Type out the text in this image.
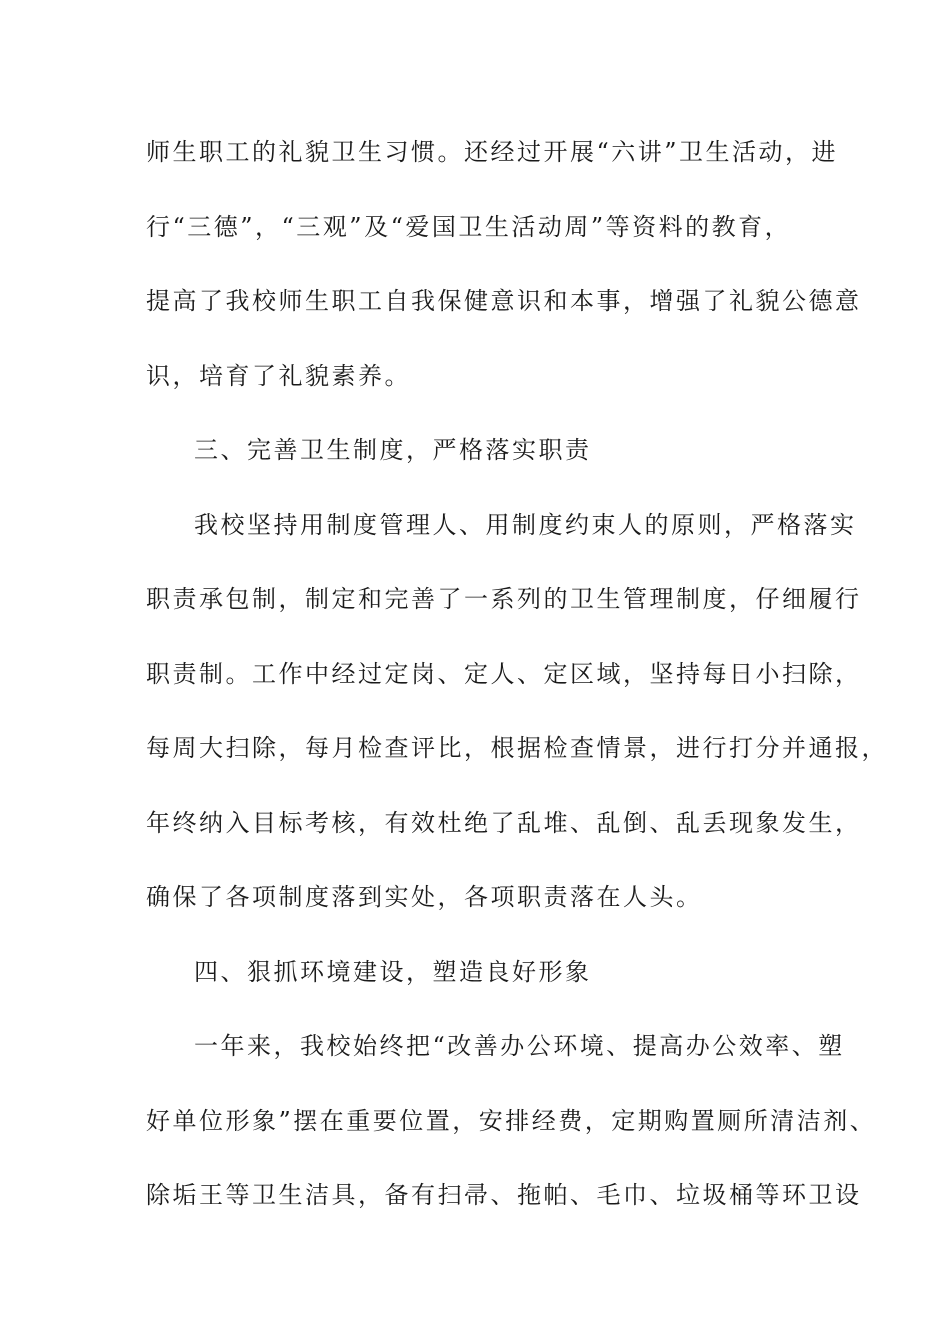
师生职工的礼貌卫生习惯。还经过开展“六讲”卫生活动，进
行“三德”，“三观”及“爱国卫生活动周”等资料的教育，
提高了我校师生职工自我保健意识和本事，增强了礼貌公德意
识，培育了礼貌素养。
三、完善卫生制度，严格落实职责
我校坚持用制度管理人、用制度约束人的原则，严格落实
职责承包制，制定和完善了一系列的卫生管理制度，仔细履行
职责制。工作中经过定岗、定人、定区域，坚持每日小扫除，
每周大扫除，每月检查评比，根据检查情景，进行打分并通报，
年终纳入目标考核，有效杜绝了乱堆、乱倒、乱丢现象发生，
确保了各项制度落到实处，各项职责落在人头。
四、狠抓环境建设，塑造良好形象
一年来，我校始终把“改善办公环境、提高办公效率、塑
好单位形象”摆在重要位置，安排经费，定期购置厕所清洁剂、
除垢王等卫生洁具，备有扫帚、拖帕、毛巾、垃圾桶等环卫设
